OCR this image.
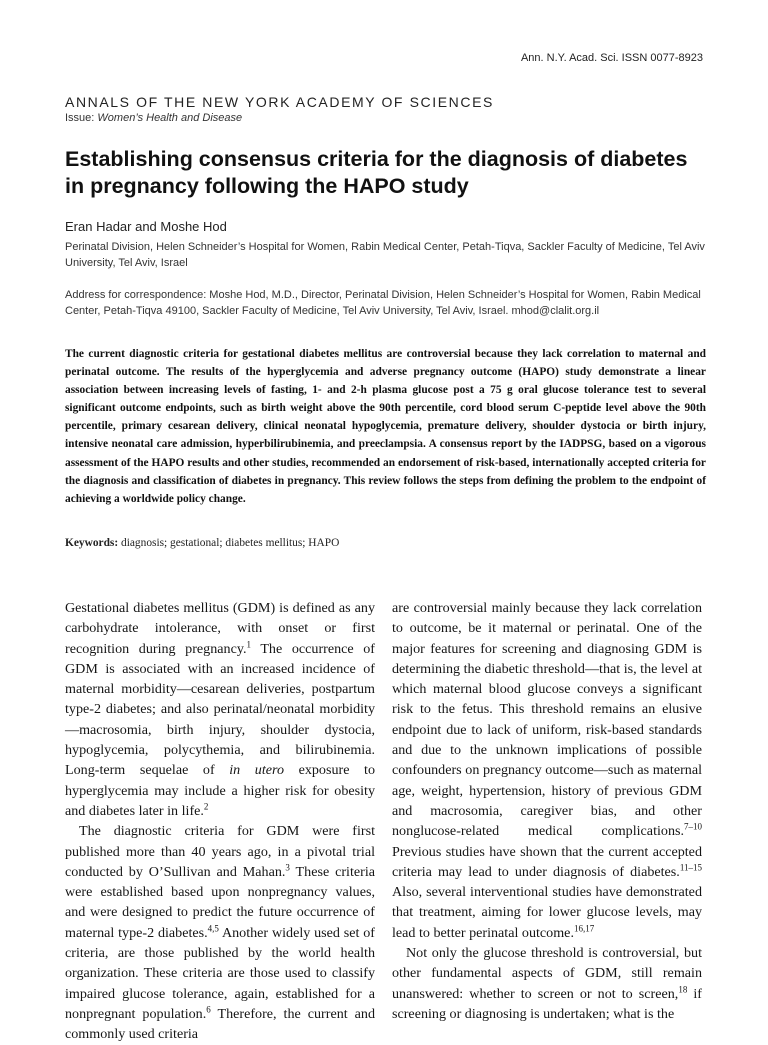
Ann. N.Y. Acad. Sci. ISSN 0077-8923
ANNALS OF THE NEW YORK ACADEMY OF SCIENCES
Issue: Women’s Health and Disease
Establishing consensus criteria for the diagnosis of diabetes in pregnancy following the HAPO study
Eran Hadar and Moshe Hod
Perinatal Division, Helen Schneider’s Hospital for Women, Rabin Medical Center, Petah-Tiqva, Sackler Faculty of Medicine, Tel Aviv University, Tel Aviv, Israel
Address for correspondence: Moshe Hod, M.D., Director, Perinatal Division, Helen Schneider’s Hospital for Women, Rabin Medical Center, Petah-Tiqva 49100, Sackler Faculty of Medicine, Tel Aviv University, Tel Aviv, Israel. mhod@clalit.org.il
The current diagnostic criteria for gestational diabetes mellitus are controversial because they lack correlation to maternal and perinatal outcome. The results of the hyperglycemia and adverse pregnancy outcome (HAPO) study demonstrate a linear association between increasing levels of fasting, 1- and 2-h plasma glucose post a 75 g oral glucose tolerance test to several significant outcome endpoints, such as birth weight above the 90th percentile, cord blood serum C-peptide level above the 90th percentile, primary cesarean delivery, clinical neonatal hypoglycemia, premature delivery, shoulder dystocia or birth injury, intensive neonatal care admission, hyperbilirubinemia, and preeclampsia. A consensus report by the IADPSG, based on a vigorous assessment of the HAPO results and other studies, recommended an endorsement of risk-based, internationally accepted criteria for the diagnosis and classification of diabetes in pregnancy. This review follows the steps from defining the problem to the endpoint of achieving a worldwide policy change.
Keywords: diagnosis; gestational; diabetes mellitus; HAPO

Gestational diabetes mellitus (GDM) is defined as any carbohydrate intolerance, with onset or first recognition during pregnancy.$^1$ The occurrence of GDM is associated with an increased incidence of maternal morbidity—cesarean deliveries, postpartum type-2 diabetes; and also perinatal/neonatal morbidity—macrosomia, birth injury, shoulder dystocia, hypoglycemia, polycythemia, and bilirubinemia. Long-term sequelae of in utero exposure to hyperglycemia may include a higher risk for obesity and diabetes later in life.$^2$

The diagnostic criteria for GDM were first published more than 40 years ago, in a pivotal trial conducted by O’Sullivan and Mahan.$^3$ These criteria were established based upon nonpregnancy values, and were designed to predict the future occurrence of maternal type-2 diabetes.$^{4,5}$ Another widely used set of criteria, are those published by the world health organization. These criteria are those used to classify impaired glucose tolerance, again, established for a nonpregnant population.$^6$ Therefore, the current and commonly used criteria

are controversial mainly because they lack correlation to outcome, be it maternal or perinatal. One of the major features for screening and diagnosing GDM is determining the diabetic threshold—that is, the level at which maternal blood glucose conveys a significant risk to the fetus. This threshold remains an elusive endpoint due to lack of uniform, risk-based standards and due to the unknown implications of possible confounders on pregnancy outcome—such as maternal age, weight, hypertension, history of previous GDM and macrosomia, caregiver bias, and other nonglucose-related medical complications.$^{7-10}$ Previous studies have shown that the current accepted criteria may lead to under diagnosis of diabetes.$^{11-15}$ Also, several interventional studies have demonstrated that treatment, aiming for lower glucose levels, may lead to better perinatal outcome.$^{16,17}$

Not only the glucose threshold is controversial, but other fundamental aspects of GDM, still remain unanswered: whether to screen or not to screen,$^{18}$ if screening or diagnosing is undertaken; what is the
